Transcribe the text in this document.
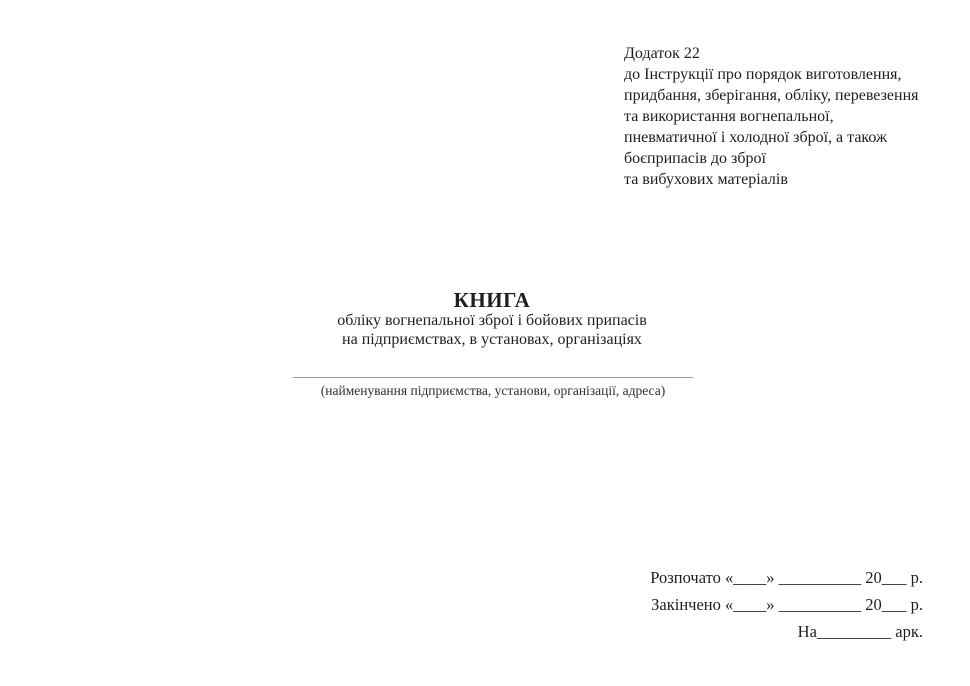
Додаток 22
до Інструкції про порядок виготовлення,
придбання, зберігання, обліку, перевезення
та використання вогнепальної,
пневматичної і холодної зброї, а також
боєприпасів до зброї
та вибухових матеріалів
КНИГА
обліку вогнепальної зброї і бойових припасів
на підприємствах, в установах, організаціях
(найменування підприємства, установи, організації, адреса)
Розпочато «____» __________ 20___ р.
Закінчено «____» __________ 20___ р.
На_________ арк.
